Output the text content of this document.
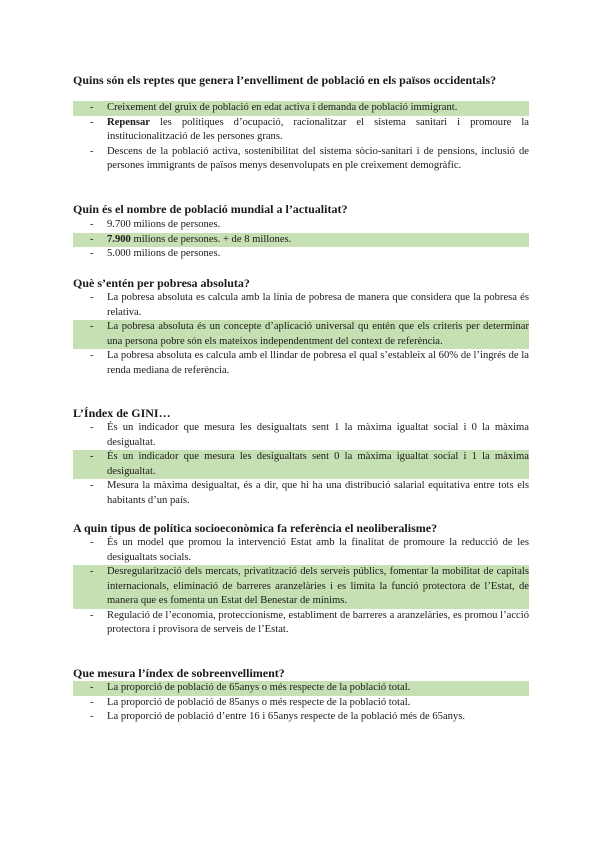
Quins són els reptes que genera l’envelliment de població en els països occidentals?

- Creixement del gruix de població en edat activa i demanda de població immigrant.
- Repensar les polítiques d’ocupació, racionalitzar el sistema sanitari i promoure la institucionalització de les persones grans.
- Descens de la població activa, sostenibilitat del sistema sòcio-sanitari i de pensions, inclusió de persones immigrants de països menys desenvolupats en ple creixement demogràfic.

Quin és el nombre de població mundial a l’actualitat?

- 9.700 milions de persones.
- 7.900 milions de persones. + de 8 millones.
- 5.000 milions de persones.

Què s’entén per pobresa absoluta?

- La pobresa absoluta es calcula amb la línia de pobresa de manera que considera que la pobresa és relativa.
- La pobresa absoluta és un concepte d’aplicació universal qu entén que els criteris per determinar una persona pobre són els mateixos independentment del context de referència.
- La pobresa absoluta es calcula amb el llindar de pobresa el qual s’estableix al 60% de l’ingrés de la renda mediana de referència.

L’Índex de GINI…

- És un indicador que mesura les desigualtats sent 1 la màxima igualtat social i 0 la màxima desigualtat.
- És un indicador que mesura les desigualtats sent 0 la màxima igualtat social i 1 la màxima desigualtat.
- Mesura la màxima desigualtat, és a dir, que hi ha una distribució salarial equitativa entre tots els habitants d’un país.

A quin tipus de política socioeconòmica fa referència el neoliberalisme?

- És un model que promou la intervenció Estat amb la finalitat de promoure la reducció de les desigualtats socials.
- Desregularització dels mercats, privatització dels serveis públics, fomentar la mobilitat de capitals internacionals, eliminació de barreres aranzelàries i es limita la funció protectora de l’Estat, de manera que es fomenta un Estat del Benestar de mínims.
- Regulació de l’economia, proteccionisme, establiment de barreres a aranzelàries, es promou l’acció protectora i provisora de serveis de l’Estat.

Que mesura l’índex de sobreenvelliment?

- La proporció de població de 65anys o més respecte de la població total.
- La proporció de població de 85anys o més respecte de la població total.
- La proporció de població d’entre 16 i 65anys respecte de la població més de 65anys.
